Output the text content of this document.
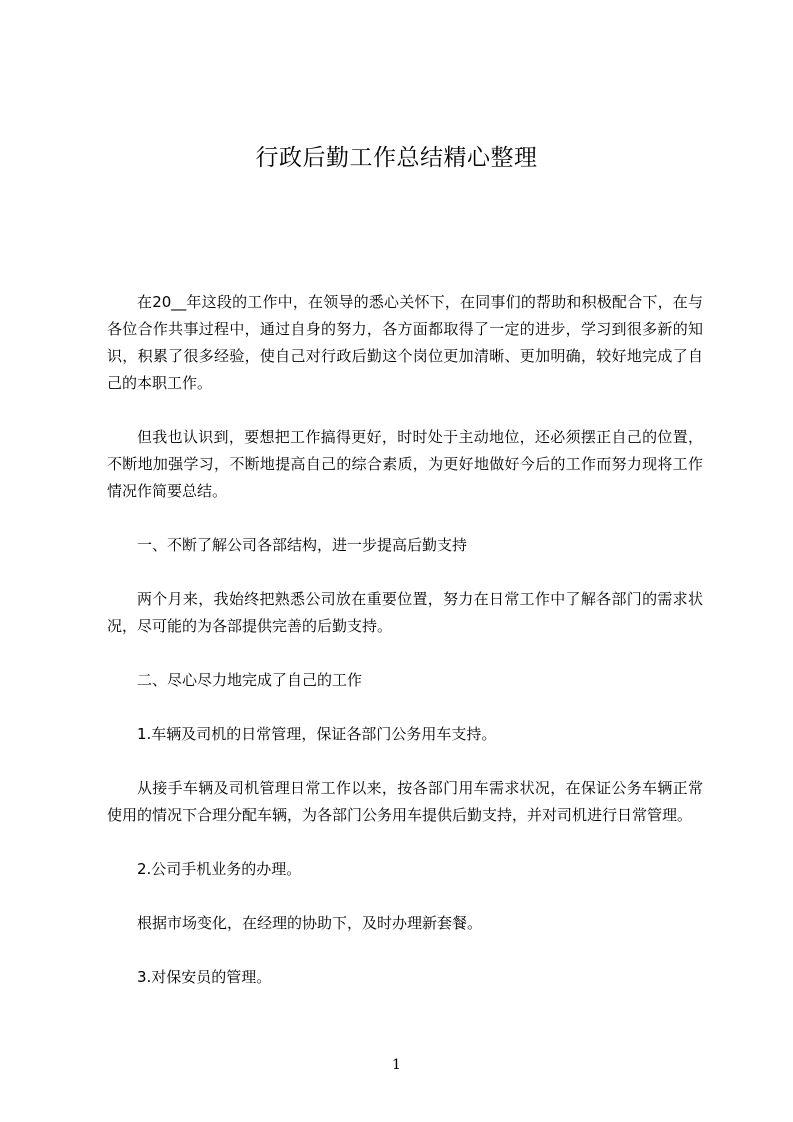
行政后勤工作总结精心整理

在20__年这段的工作中，在领导的悉心关怀下，在同事们的帮助和积极配合下，在与各位合作共事过程中，通过自身的努力，各方面都取得了一定的进步，学习到很多新的知识，积累了很多经验，使自己对行政后勤这个岗位更加清晰、更加明确，较好地完成了自己的本职工作。

但我也认识到，要想把工作搞得更好，时时处于主动地位，还必须摆正自己的位置，不断地加强学习，不断地提高自己的综合素质，为更好地做好今后的工作而努力现将工作情况作简要总结。

一、不断了解公司各部结构，进一步提高后勤支持

两个月来，我始终把熟悉公司放在重要位置，努力在日常工作中了解各部门的需求状况，尽可能的为各部提供完善的后勤支持。

二、尽心尽力地完成了自己的工作

1.车辆及司机的日常管理，保证各部门公务用车支持。

从接手车辆及司机管理日常工作以来，按各部门用车需求状况，在保证公务车辆正常使用的情况下合理分配车辆，为各部门公务用车提供后勤支持，并对司机进行日常管理。

2.公司手机业务的办理。

根据市场变化，在经理的协助下，及时办理新套餐。

3.对保安员的管理。

1
